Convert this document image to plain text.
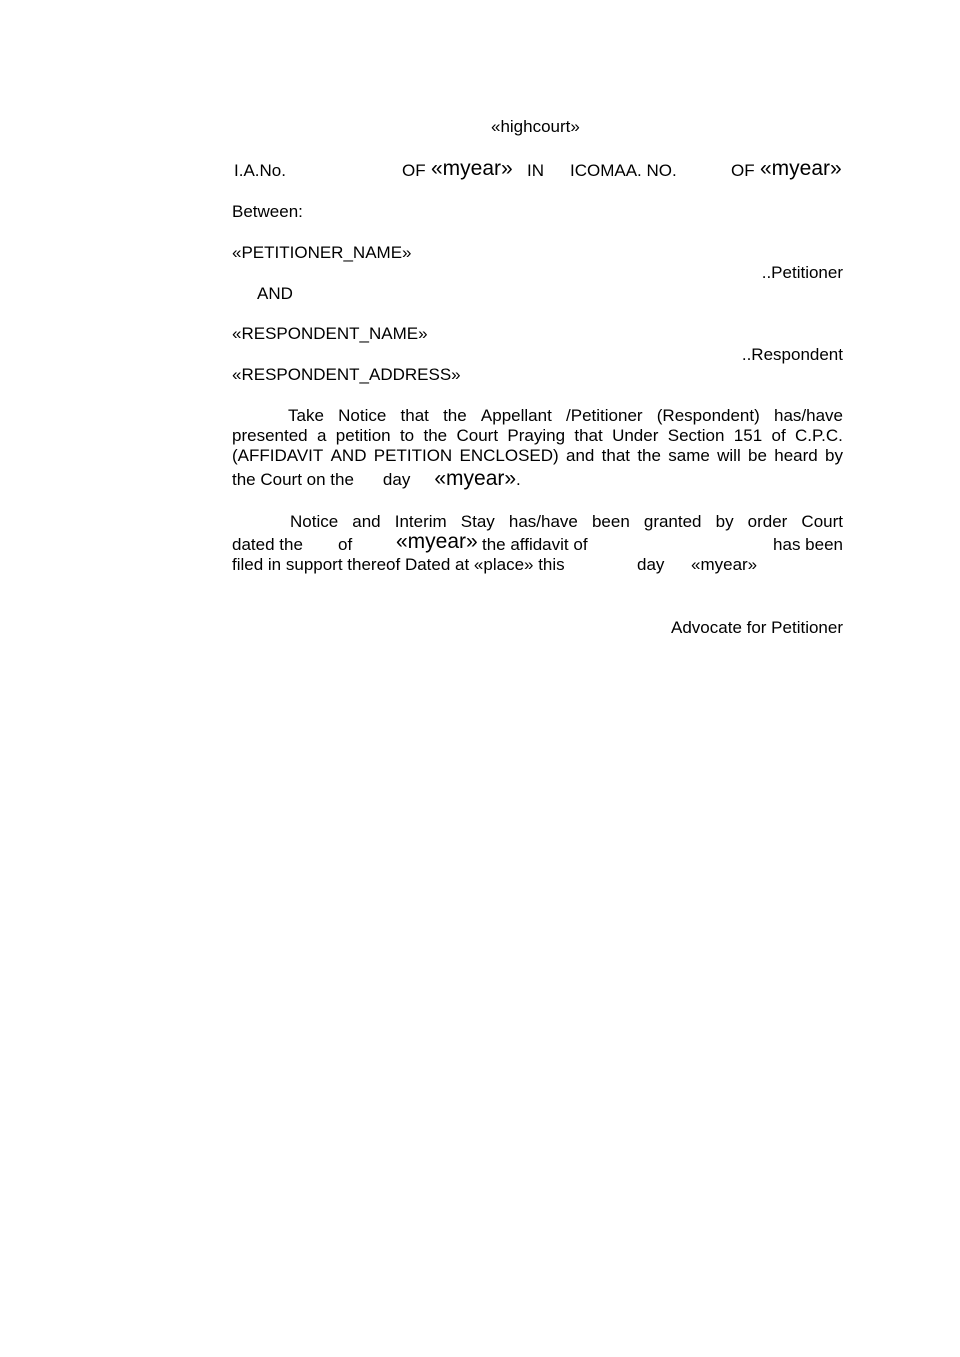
«highcourt»
I.A.No.	OF «myear» IN ICOMAA. NO.	OF «myear»
Between:
«PETITIONER_NAME»
..Petitioner
AND
«RESPONDENT_NAME»
..Respondent
«RESPONDENT_ADDRESS»
Take Notice that the Appellant /Petitioner (Respondent) has/have
presented a petition to the Court Praying that Under Section 151 of C.P.C.
(AFFIDAVIT AND PETITION ENCLOSED) and that the same will be heard by
the Court on the day «myear».
Notice and Interim Stay has/have been granted by order Court
dated the of «myear» the affidavit of	has been
filed in support thereof Dated at «place» this	day «myear»
Advocate for Petitioner
